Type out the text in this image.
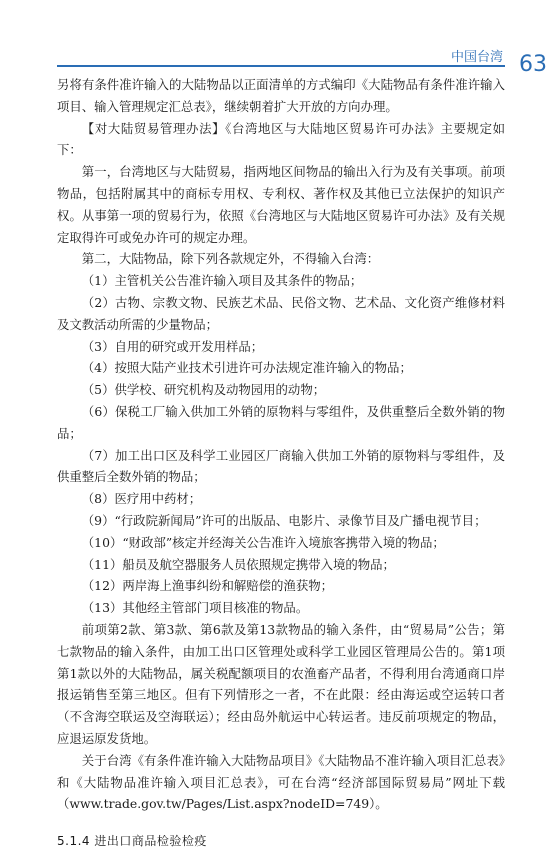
中国台湾 63

另将有条件准许输入的大陆物品以正面清单的方式编印《大陆物品有条件准许输入项目、输入管理规定汇总表》，继续朝着扩大开放的方向办理。

【对大陆贸易管理办法】《台湾地区与大陆地区贸易许可办法》主要规定如下：

第一，台湾地区与大陆贸易，指两地区间物品的输出入行为及有关事项。前项物品，包括附属其中的商标专用权、专利权、著作权及其他已立法保护的知识产权。从事第一项的贸易行为，依照《台湾地区与大陆地区贸易许可办法》及有关规定取得许可或免办许可的规定办理。

第二，大陆物品，除下列各款规定外，不得输入台湾：

（1）主管机关公告准许输入项目及其条件的物品；

（2）古物、宗教文物、民族艺术品、民俗文物、艺术品、文化资产维修材料及文教活动所需的少量物品；

（3）自用的研究或开发用样品；

（4）按照大陆产业技术引进许可办法规定准许输入的物品；

（5）供学校、研究机构及动物园用的动物；

（6）保税工厂输入供加工外销的原物料与零组件，及供重整后全数外销的物品；

（7）加工出口区及科学工业园区厂商输入供加工外销的原物料与零组件，及供重整后全数外销的物品；

（8）医疗用中药材；

（9）“行政院新闻局”许可的出版品、电影片、录像节目及广播电视节目；

（10）“财政部”核定并经海关公告准许入境旅客携带入境的物品；

（11）船员及航空器服务人员依照规定携带入境的物品；

（12）两岸海上渔事纠纷和解赔偿的渔获物；

（13）其他经主管部门项目核准的物品。

前项第2款、第3款、第6款及第13款物品的输入条件，由“贸易局”公告；第七款物品的输入条件，由加工出口区管理处或科学工业园区管理局公告的。第1项第1款以外的大陆物品，属关税配额项目的农渔畜产品者，不得利用台湾通商口岸报运销售至第三地区。但有下列情形之一者，不在此限：经由海运或空运转口者（不含海空联运及空海联运）；经由岛外航运中心转运者。违反前项规定的物品，应退运原发货地。

关于台湾《有条件准许输入大陆物品项目》《大陆物品不准许输入项目汇总表》和《大陆物品准许输入项目汇总表》，可在台湾“经济部国际贸易局”网址下载（www.trade.gov.tw/Pages/List.aspx?nodeID=749）。

5.1.4 进出口商品检验检疫
